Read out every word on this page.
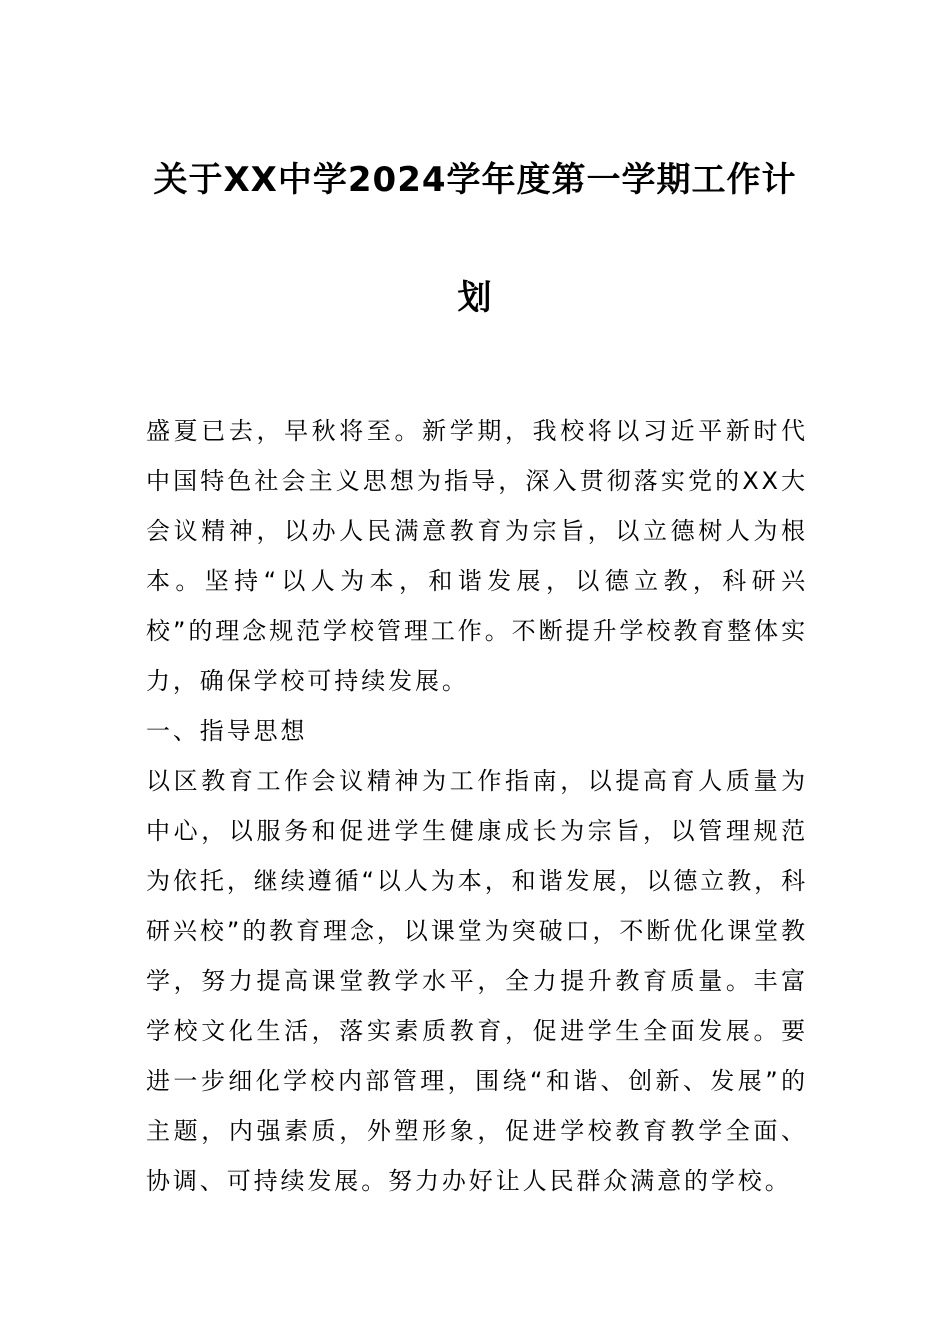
关于XX中学2024学年度第一学期工作计
划

盛夏已去，早秋将至。新学期，我校将以习近平新时代中国特色社会主义思想为指导，深入贯彻落实党的XX大会议精神，以办人民满意教育为宗旨，以立德树人为根本。坚持“以人为本，和谐发展，以德立教，科研兴校”的理念规范学校管理工作。不断提升学校教育整体实力，确保学校可持续发展。

一、指导思想

以区教育工作会议精神为工作指南，以提高育人质量为中心，以服务和促进学生健康成长为宗旨，以管理规范为依托，继续遵循“以人为本，和谐发展，以德立教，科研兴校”的教育理念，以课堂为突破口，不断优化课堂教学，努力提高课堂教学水平，全力提升教育质量。丰富学校文化生活，落实素质教育，促进学生全面发展。要进一步细化学校内部管理，围绕“和谐、创新、发展”的主题，内强素质，外塑形象，促进学校教育教学全面、协调、可持续发展。努力办好让人民群众满意的学校。
